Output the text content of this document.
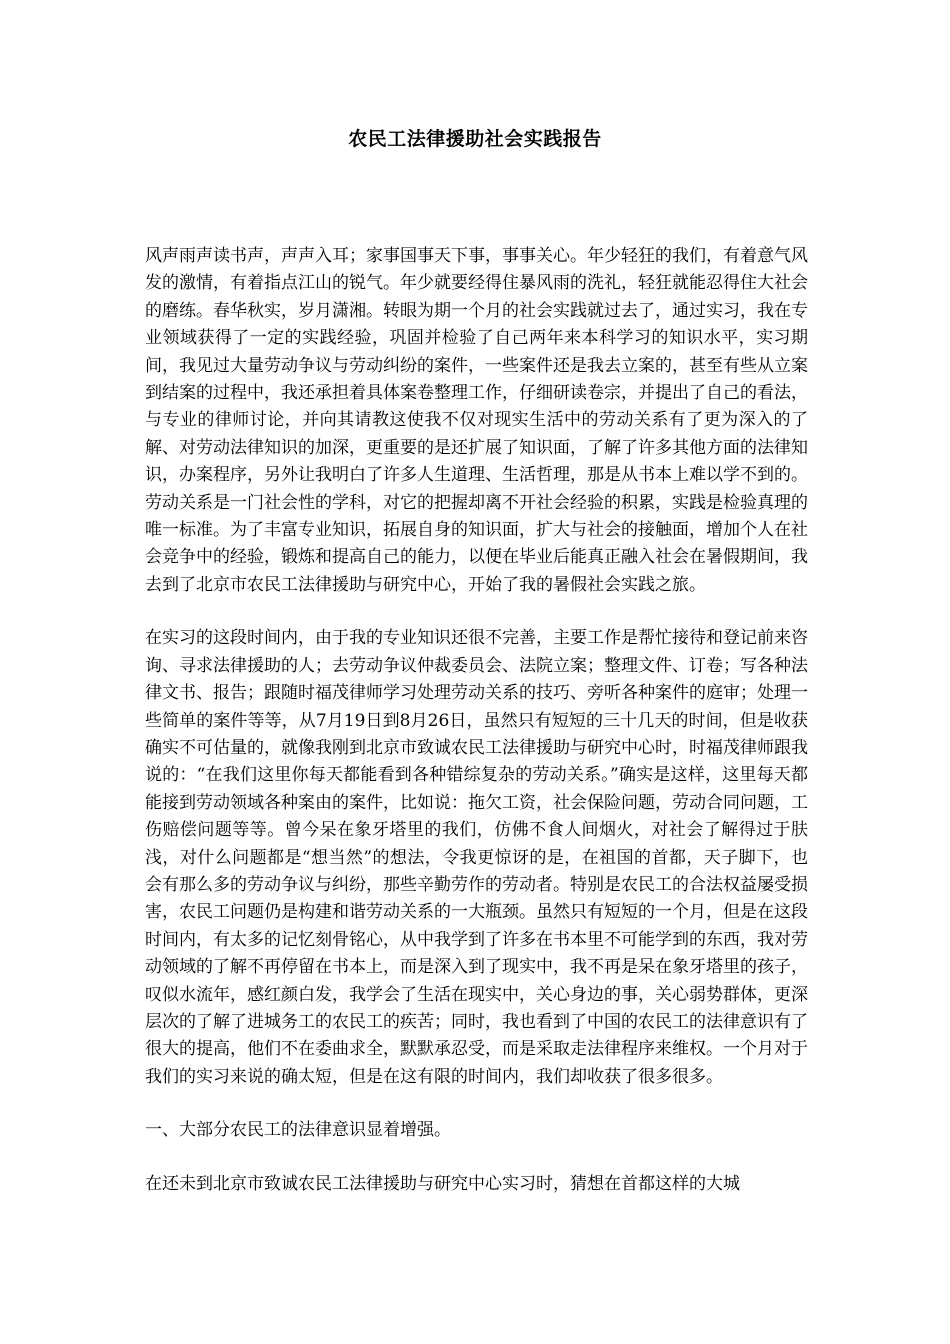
农民工法律援助社会实践报告

风声雨声读书声，声声入耳；家事国事天下事，事事关心。年少轻狂的我们，有着意气风发的激情，有着指点江山的锐气。年少就要经得住暴风雨的洗礼，轻狂就能忍得住大社会的磨练。春华秋实，岁月潇湘。转眼为期一个月的社会实践就过去了，通过实习，我在专业领域获得了一定的实践经验，巩固并检验了自己两年来本科学习的知识水平，实习期间，我见过大量劳动争议与劳动纠纷的案件，一些案件还是我去立案的，甚至有些从立案到结案的过程中，我还承担着具体案卷整理工作，仔细研读卷宗，并提出了自己的看法，与专业的律师讨论，并向其请教这使我不仅对现实生活中的劳动关系有了更为深入的了解、对劳动法律知识的加深，更重要的是还扩展了知识面，了解了许多其他方面的法律知识，办案程序，另外让我明白了许多人生道理、生活哲理，那是从书本上难以学不到的。劳动关系是一门社会性的学科，对它的把握却离不开社会经验的积累，实践是检验真理的唯一标准。为了丰富专业知识，拓展自身的知识面，扩大与社会的接触面，增加个人在社会竞争中的经验，锻炼和提高自己的能力，以便在毕业后能真正融入社会在暑假期间，我去到了北京市农民工法律援助与研究中心，开始了我的暑假社会实践之旅。

在实习的这段时间内，由于我的专业知识还很不完善，主要工作是帮忙接待和登记前来咨询、寻求法律援助的人；去劳动争议仲裁委员会、法院立案；整理文件、订卷；写各种法律文书、报告；跟随时福茂律师学习处理劳动关系的技巧、旁听各种案件的庭审；处理一些简单的案件等等，从7月19日到8月26日，虽然只有短短的三十几天的时间，但是收获确实不可估量的，就像我刚到北京市致诚农民工法律援助与研究中心时，时福茂律师跟我说的：“在我们这里你每天都能看到各种错综复杂的劳动关系。”确实是这样，这里每天都能接到劳动领域各种案由的案件，比如说：拖欠工资，社会保险问题，劳动合同问题，工伤赔偿问题等等。曾今呆在象牙塔里的我们，仿佛不食人间烟火，对社会了解得过于肤浅，对什么问题都是“想当然”的想法，令我更惊讶的是，在祖国的首都，天子脚下，也会有那么多的劳动争议与纠纷，那些辛勤劳作的劳动者。特别是农民工的合法权益屡受损害，农民工问题仍是构建和谐劳动关系的一大瓶颈。虽然只有短短的一个月，但是在这段时间内，有太多的记忆刻骨铭心，从中我学到了许多在书本里不可能学到的东西，我对劳动领域的了解不再停留在书本上，而是深入到了现实中，我不再是呆在象牙塔里的孩子，叹似水流年，感红颜白发，我学会了生活在现实中，关心身边的事，关心弱势群体，更深层次的了解了进城务工的农民工的疾苦；同时，我也看到了中国的农民工的法律意识有了很大的提高，他们不在委曲求全，默默承忍受，而是采取走法律程序来维权。一个月对于我们的实习来说的确太短，但是在这有限的时间内，我们却收获了很多很多。

一、大部分农民工的法律意识显着增强。

在还未到北京市致诚农民工法律援助与研究中心实习时，猜想在首都这样的大城
